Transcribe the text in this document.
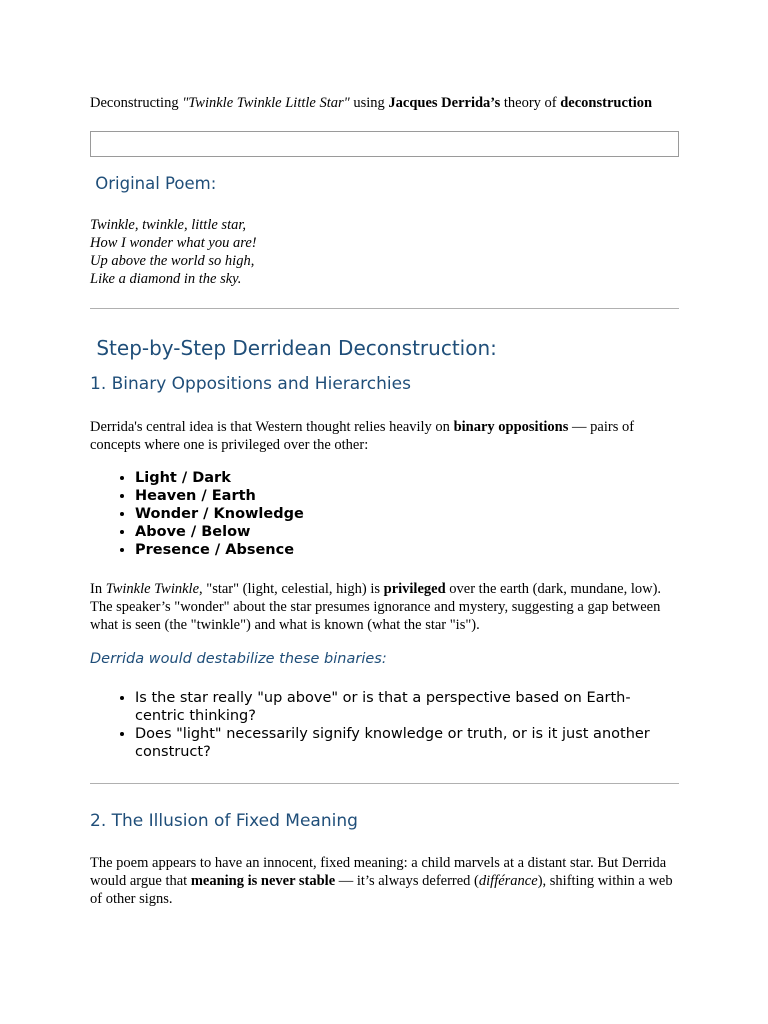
Deconstructing "Twinkle Twinkle Little Star" using Jacques Derrida’s theory of deconstruction
Original Poem:
Twinkle, twinkle, little star,
How I wonder what you are!
Up above the world so high,
Like a diamond in the sky.
Step-by-Step Derridean Deconstruction:
1. Binary Oppositions and Hierarchies
Derrida's central idea is that Western thought relies heavily on binary oppositions — pairs of concepts where one is privileged over the other:
• Light / Dark
• Heaven / Earth
• Wonder / Knowledge
• Above / Below
• Presence / Absence
In Twinkle Twinkle, "star" (light, celestial, high) is privileged over the earth (dark, mundane, low). The speaker’s "wonder" about the star presumes ignorance and mystery, suggesting a gap between what is seen (the "twinkle") and what is known (what the star "is").
Derrida would destabilize these binaries:
• Is the star really "up above" or is that a perspective based on Earth-centric thinking?
• Does "light" necessarily signify knowledge or truth, or is it just another construct?
2. The Illusion of Fixed Meaning
The poem appears to have an innocent, fixed meaning: a child marvels at a distant star. But Derrida would argue that meaning is never stable — it’s always deferred (différance), shifting within a web of other signs.
